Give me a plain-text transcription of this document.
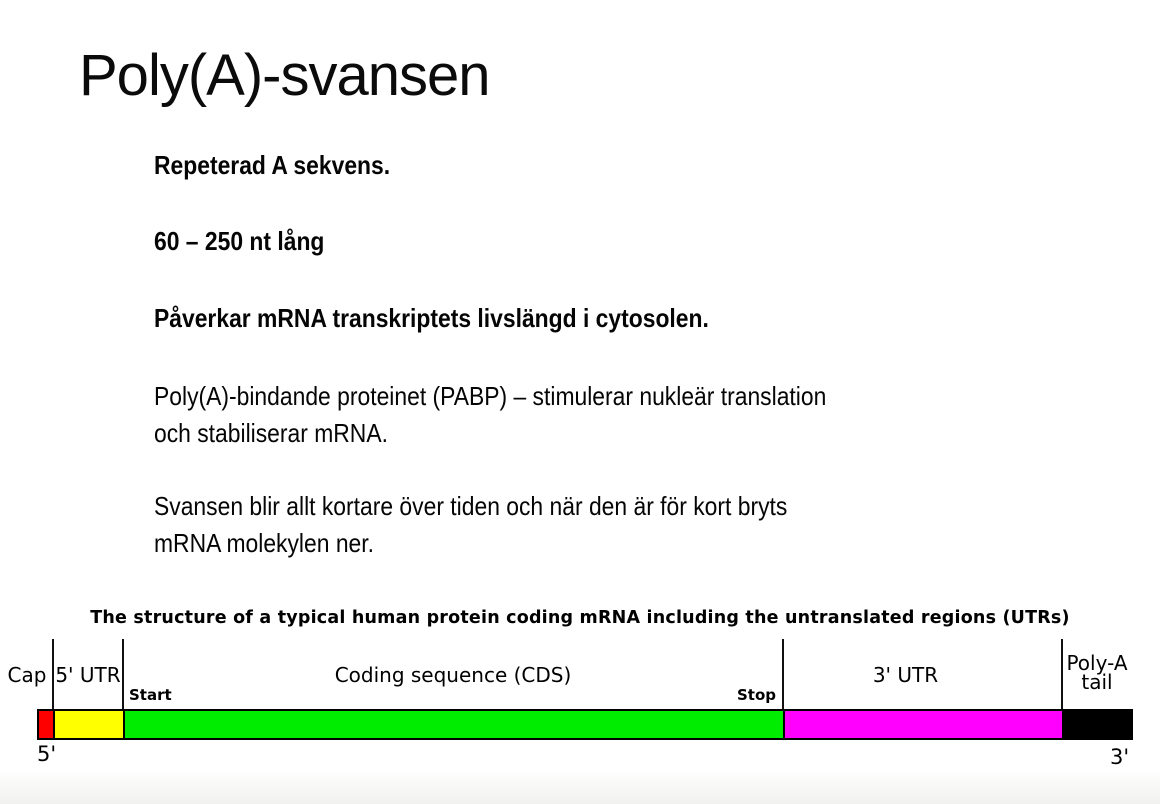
Poly(A)-svansen
Repeterad A sekvens.
60 – 250 nt lång
Påverkar mRNA transkriptets livslängd i cytosolen.
Poly(A)-bindande proteinet (PABP) – stimulerar nukleär translation
och stabiliserar mRNA.
Svansen blir allt kortare över tiden och när den är för kort bryts
mRNA molekylen ner.
The structure of a typical human protein coding mRNA including the untranslated regions (UTRs)
Cap 5' UTR	Coding sequence (CDS)	3' UTR	Poly-A
tail
Start	Stop
5'	3'
